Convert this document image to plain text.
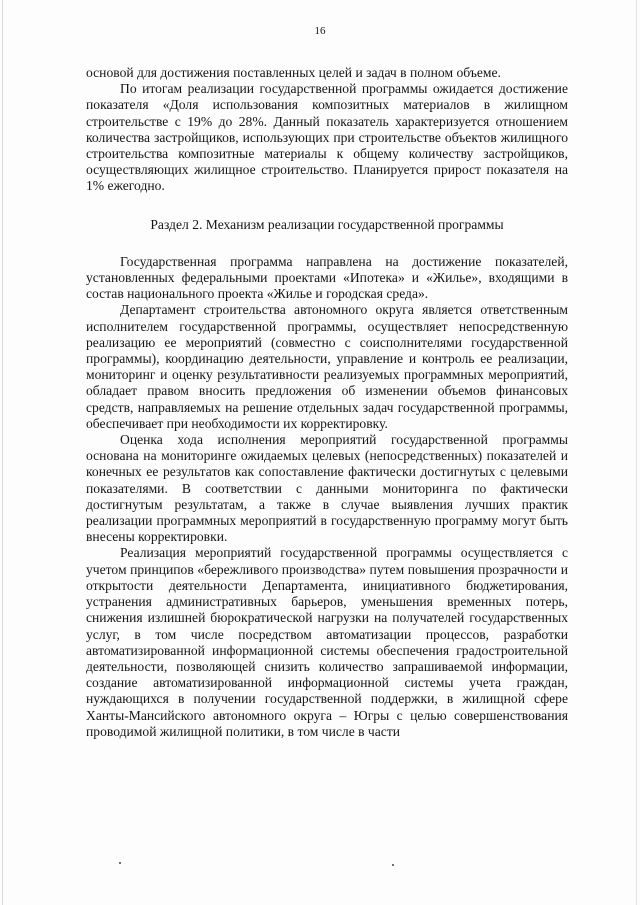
16

основой для достижения поставленных целей и задач в полном объеме.

По итогам реализации государственной программы ожидается достижение показателя «Доля использования композитных материалов в жилищном строительстве с 19% до 28%. Данный показатель характеризуется отношением количества застройщиков, использующих при строительстве объектов жилищного строительства композитные материалы к общему количеству застройщиков, осуществляющих жилищное строительство. Планируется прирост показателя на 1% ежегодно.

Раздел 2. Механизм реализации государственной программы

Государственная программа направлена на достижение показателей, установленных федеральными проектами «Ипотека» и «Жилье», входящими в состав национального проекта «Жилье и городская среда».

Департамент строительства автономного округа является ответственным исполнителем государственной программы, осуществляет непосредственную реализацию ее мероприятий (совместно с соисполнителями государственной программы), координацию деятельности, управление и контроль ее реализации, мониторинг и оценку результативности реализуемых программных мероприятий, обладает правом вносить предложения об изменении объемов финансовых средств, направляемых на решение отдельных задач государственной программы, обеспечивает при необходимости их корректировку.

Оценка хода исполнения мероприятий государственной программы основана на мониторинге ожидаемых целевых (непосредственных) показателей и конечных ее результатов как сопоставление фактически достигнутых с целевыми показателями. В соответствии с данными мониторинга по фактически достигнутым результатам, а также в случае выявления лучших практик реализации программных мероприятий в государственную программу могут быть внесены корректировки.

Реализация мероприятий государственной программы осуществляется с учетом принципов «бережливого производства» путем повышения прозрачности и открытости деятельности Департамента, инициативного бюджетирования, устранения административных барьеров, уменьшения временных потерь, снижения излишней бюрократической нагрузки на получателей государственных услуг, в том числе посредством автоматизации процессов, разработки автоматизированной информационной системы обеспечения градостроительной деятельности, позволяющей снизить количество запрашиваемой информации, создание автоматизированной информационной системы учета граждан, нуждающихся в получении государственной поддержки, в жилищной сфере Ханты-Мансийского автономного округа – Югры с целью совершенствования проводимой жилищной политики, в том числе в части
